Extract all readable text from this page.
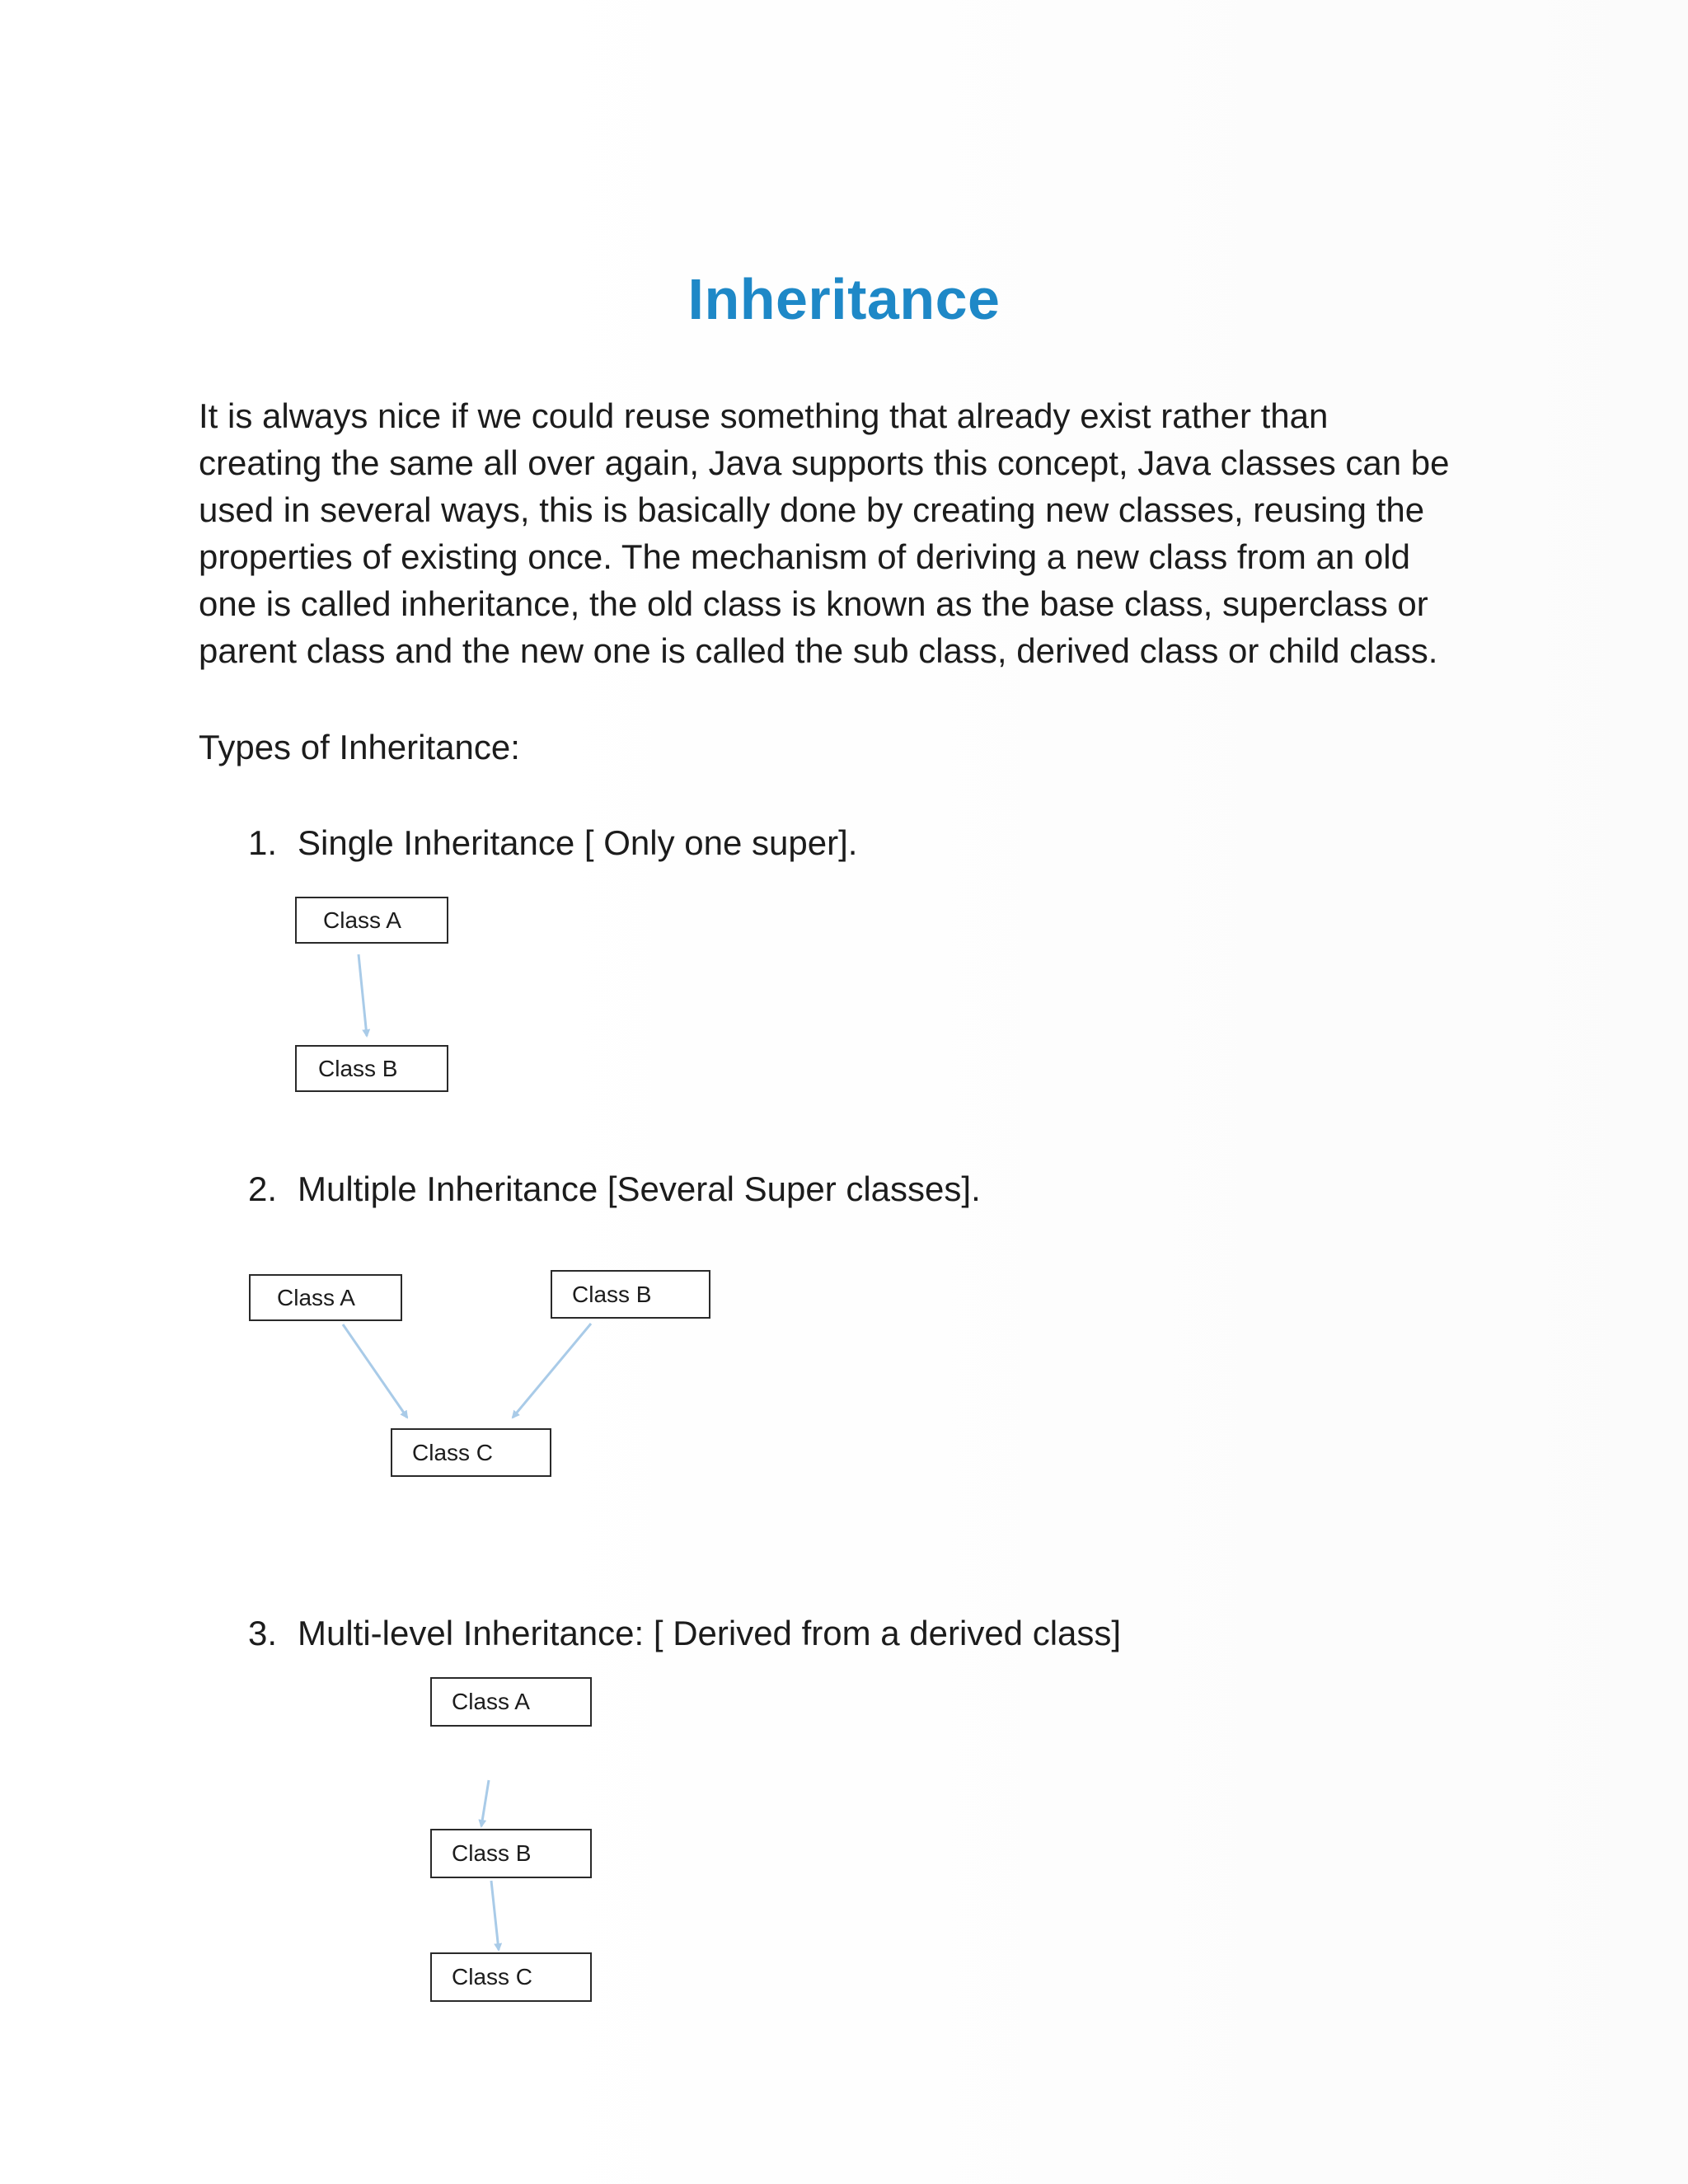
Inheritance

It is always nice if we could reuse something that already exist rather than
creating the same all over again, Java supports this concept, Java classes can be
used in several ways, this is basically done by creating new classes, reusing the
properties of existing once. The mechanism of deriving a new class from an old
one is called inheritance, the old class is known as the base class, superclass or
parent class and the new one is called the sub class, derived class or child class.

Types of Inheritance:

1. Single Inheritance [ Only one super].
2. Multiple Inheritance [Several Super classes].
3. Multi-level Inheritance: [ Derived from a derived class]
Class A
Class B
Class A	Class B
Class C
Class A
Class B
Class C
